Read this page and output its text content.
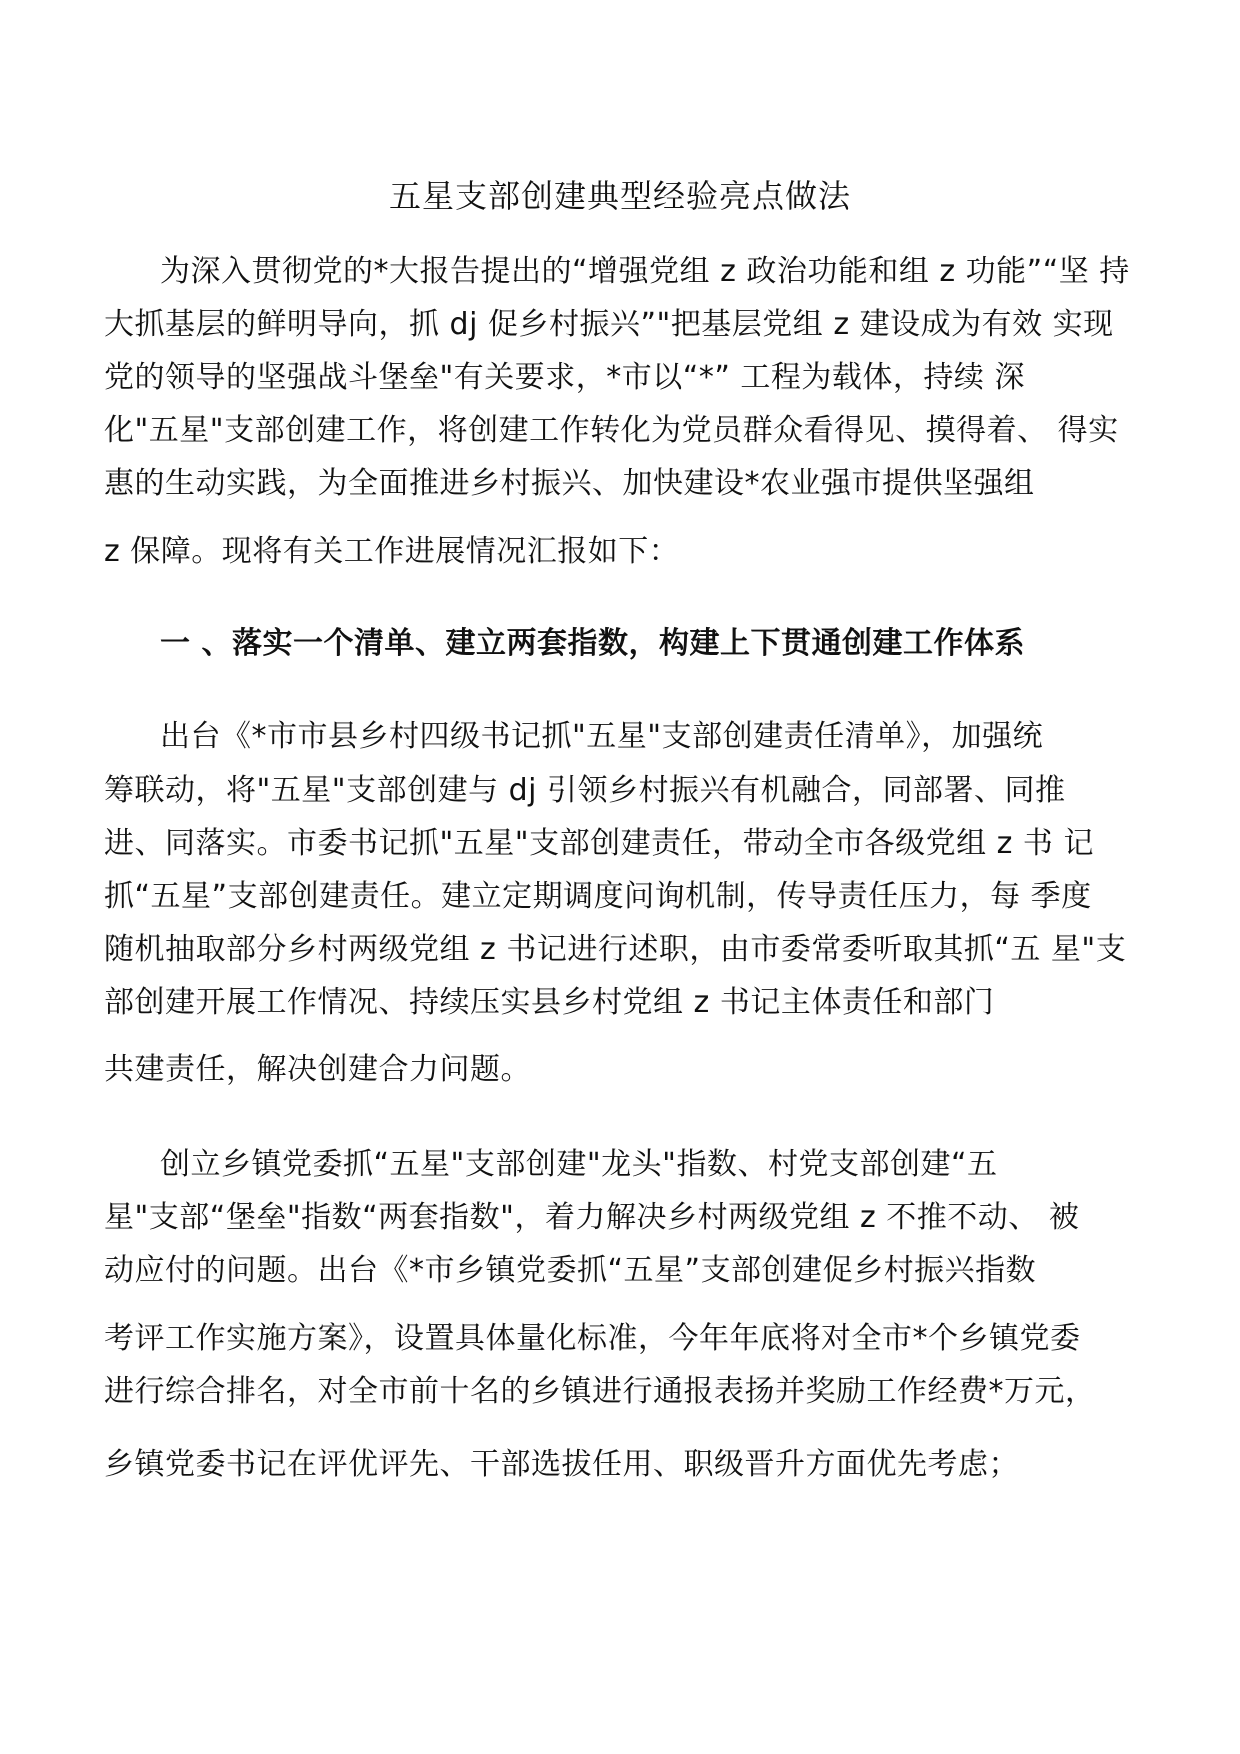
五星支部创建典型经验亮点做法
为深入贯彻党的*大报告提出的“增强党组 z 政治功能和组 z 功能”“坚 持
大抓基层的鲜明导向，抓 dj 促乡村振兴”"把基层党组 z 建设成为有效 实现
党的领导的坚强战斗堡垒"有关要求，*市以“*” 工程为载体，持续 深
化"五星"支部创建工作，将创建工作转化为党员群众看得见、摸得着、 得实
惠的生动实践，为全面推进乡村振兴、加快建设*农业强市提供坚强组
z 保障。现将有关工作进展情况汇报如下：
一 、落实一个清单、建立两套指数，构建上下贯通创建工作体系
出台《*市市县乡村四级书记抓"五星"支部创建责任清单》，加强统
筹联动，将"五星"支部创建与 dj 引领乡村振兴有机融合，同部署、同推
进、同落实。市委书记抓"五星"支部创建责任，带动全市各级党组 z 书 记
抓“五星”支部创建责任。建立定期调度问询机制，传导责任压力，每 季度
随机抽取部分乡村两级党组 z 书记进行述职，由市委常委听取其抓“五 星"支
部创建开展工作情况、持续压实县乡村党组 z 书记主体责任和部门
共建责任，解决创建合力问题。
创立乡镇党委抓“五星"支部创建"龙头"指数、村党支部创建“五
星"支部“堡垒"指数“两套指数"，着力解决乡村两级党组 z 不推不动、 被
动应付的问题。出台《*市乡镇党委抓“五星”支部创建促乡村振兴指数
考评工作实施方案》，设置具体量化标准，今年年底将对全市*个乡镇党委
进行综合排名，对全市前十名的乡镇进行通报表扬并奖励工作经费*万元，
乡镇党委书记在评优评先、干部选拔任用、职级晋升方面优先考虑；
